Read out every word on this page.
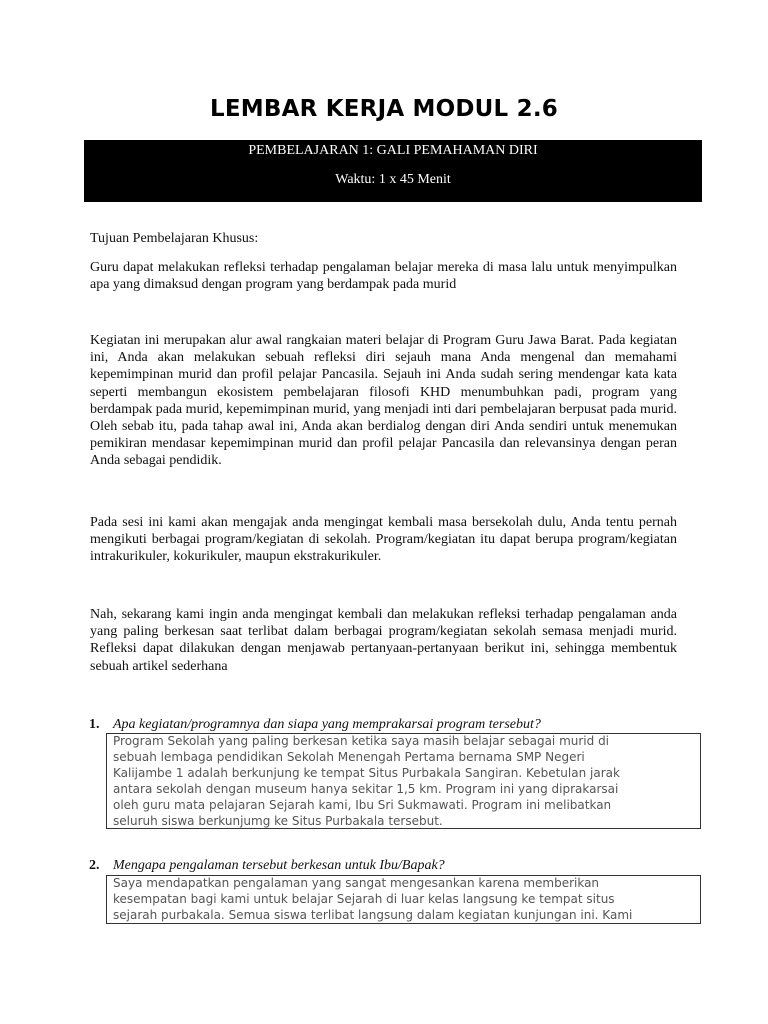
LEMBAR KERJA MODUL 2.6
PEMBELAJARAN 1: GALI PEMAHAMAN DIRI
Waktu: 1 x 45 Menit

Tujuan Pembelajaran Khusus:

Guru dapat melakukan refleksi terhadap pengalaman belajar mereka di masa lalu untuk menyimpulkan apa yang dimaksud dengan program yang berdampak pada murid

Kegiatan ini merupakan alur awal rangkaian materi belajar di Program Guru Jawa Barat. Pada kegiatan ini, Anda akan melakukan sebuah refleksi diri sejauh mana Anda mengenal dan memahami kepemimpinan murid dan profil pelajar Pancasila. Sejauh ini Anda sudah sering mendengar kata kata seperti membangun ekosistem pembelajaran filosofi KHD menumbuhkan padi, program yang berdampak pada murid, kepemimpinan murid, yang menjadi inti dari pembelajaran berpusat pada murid. Oleh sebab itu, pada tahap awal ini, Anda akan berdialog dengan diri Anda sendiri untuk menemukan pemikiran mendasar kepemimpinan murid dan profil pelajar Pancasila dan relevansinya dengan peran Anda sebagai pendidik.

Pada sesi ini kami akan mengajak anda mengingat kembali masa bersekolah dulu, Anda tentu pernah mengikuti berbagai program/kegiatan di sekolah. Program/kegiatan itu dapat berupa program/kegiatan intrakurikuler, kokurikuler, maupun ekstrakurikuler.

Nah, sekarang kami ingin anda mengingat kembali dan melakukan refleksi terhadap pengalaman anda yang paling berkesan saat terlibat dalam berbagai program/kegiatan sekolah semasa menjadi murid. Refleksi dapat dilakukan dengan menjawab pertanyaan-pertanyaan berikut ini, sehingga membentuk sebuah artikel sederhana

1. Apa kegiatan/programnya dan siapa yang memprakarsai program tersebut?
Program Sekolah yang paling berkesan ketika saya masih belajar sebagai murid di
sebuah lembaga pendidikan Sekolah Menengah Pertama bernama SMP Negeri
Kalijambe 1 adalah berkunjung ke tempat Situs Purbakala Sangiran. Kebetulan jarak
antara sekolah dengan museum hanya sekitar 1,5 km. Program ini yang diprakarsai
oleh guru mata pelajaran Sejarah kami, Ibu Sri Sukmawati. Program ini melibatkan
seluruh siswa berkunjumg ke Situs Purbakala tersebut.
2. Mengapa pengalaman tersebut berkesan untuk Ibu/Bapak?
Saya mendapatkan pengalaman yang sangat mengesankan karena memberikan
kesempatan bagi kami untuk belajar Sejarah di luar kelas langsung ke tempat situs
sejarah purbakala. Semua siswa terlibat langsung dalam kegiatan kunjungan ini. Kami
